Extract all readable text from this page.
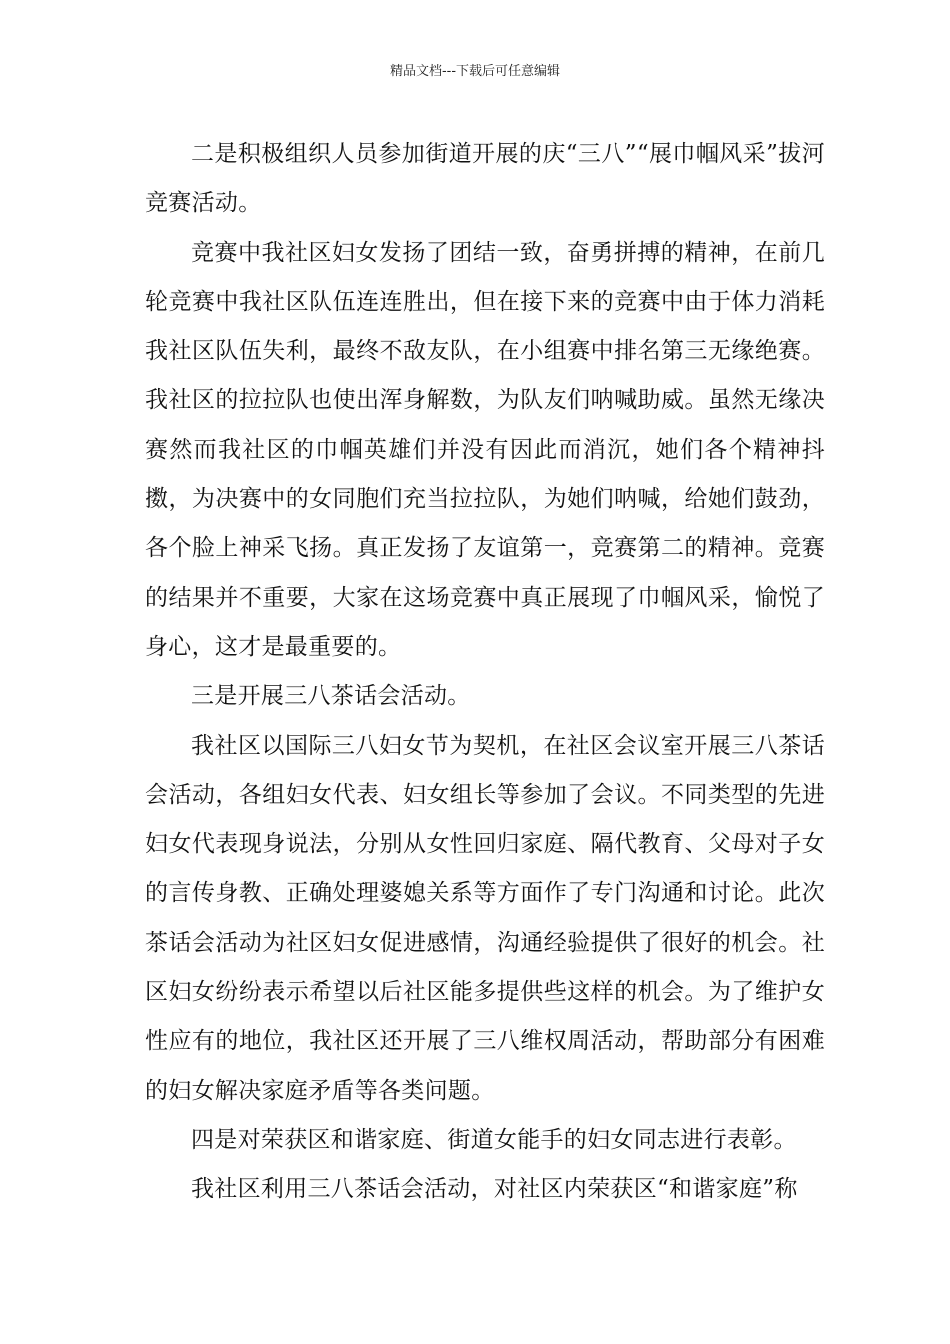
精品文档---下载后可任意编辑

二是积极组织人员参加街道开展的庆“三八”“展巾帼风采”拔河竞赛活动。

竞赛中我社区妇女发扬了团结一致，奋勇拼搏的精神，在前几轮竞赛中我社区队伍连连胜出，但在接下来的竞赛中由于体力消耗我社区队伍失利，最终不敌友队，在小组赛中排名第三无缘绝赛。我社区的拉拉队也使出浑身解数，为队友们呐喊助威。虽然无缘决赛然而我社区的巾帼英雄们并没有因此而消沉，她们各个精神抖擞，为决赛中的女同胞们充当拉拉队，为她们呐喊，给她们鼓劲，各个脸上神采飞扬。真正发扬了友谊第一，竞赛第二的精神。竞赛的结果并不重要，大家在这场竞赛中真正展现了巾帼风采，愉悦了身心，这才是最重要的。

三是开展三八茶话会活动。

我社区以国际三八妇女节为契机，在社区会议室开展三八茶话会活动，各组妇女代表、妇女组长等参加了会议。不同类型的先进妇女代表现身说法，分别从女性回归家庭、隔代教育、父母对子女的言传身教、正确处理婆媳关系等方面作了专门沟通和讨论。此次茶话会活动为社区妇女促进感情，沟通经验提供了很好的机会。社区妇女纷纷表示希望以后社区能多提供些这样的机会。为了维护女性应有的地位，我社区还开展了三八维权周活动，帮助部分有困难的妇女解决家庭矛盾等各类问题。

四是对荣获区和谐家庭、街道女能手的妇女同志进行表彰。

我社区利用三八茶话会活动，对社区内荣获区“和谐家庭”称
